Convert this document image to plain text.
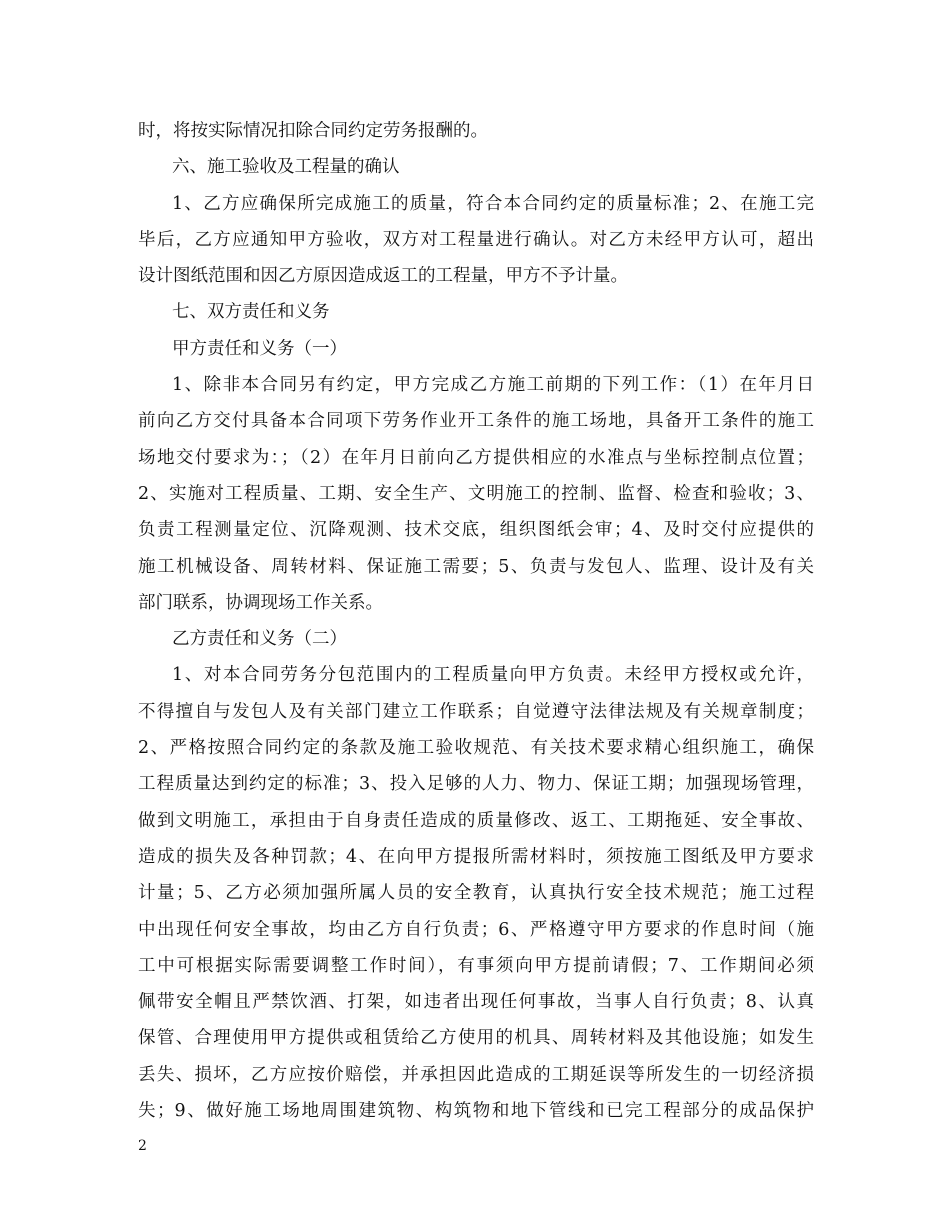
时，将按实际情况扣除合同约定劳务报酬的。
六、施工验收及工程量的确认
1、乙方应确保所完成施工的质量，符合本合同约定的质量标准；2、在施工完
毕后，乙方应通知甲方验收，双方对工程量进行确认。对乙方未经甲方认可，超出
设计图纸范围和因乙方原因造成返工的工程量，甲方不予计量。
七、双方责任和义务
甲方责任和义务（一）
1、除非本合同另有约定，甲方完成乙方施工前期的下列工作：（1）在年月日
前向乙方交付具备本合同项下劳务作业开工条件的施工场地，具备开工条件的施工
场地交付要求为：；（2）在年月日前向乙方提供相应的水准点与坐标控制点位置；
2、实施对工程质量、工期、安全生产、文明施工的控制、监督、检查和验收；3、
负责工程测量定位、沉降观测、技术交底，组织图纸会审；4、及时交付应提供的
施工机械设备、周转材料、保证施工需要；5、负责与发包人、监理、设计及有关
部门联系，协调现场工作关系。
乙方责任和义务（二）
1、对本合同劳务分包范围内的工程质量向甲方负责。未经甲方授权或允许，
不得擅自与发包人及有关部门建立工作联系；自觉遵守法律法规及有关规章制度；
2、严格按照合同约定的条款及施工验收规范、有关技术要求精心组织施工，确保
工程质量达到约定的标准；3、投入足够的人力、物力、保证工期；加强现场管理，
做到文明施工，承担由于自身责任造成的质量修改、返工、工期拖延、安全事故、
造成的损失及各种罚款；4、在向甲方提报所需材料时，须按施工图纸及甲方要求
计量；5、乙方必须加强所属人员的安全教育，认真执行安全技术规范；施工过程
中出现任何安全事故，均由乙方自行负责；6、严格遵守甲方要求的作息时间（施
工中可根据实际需要调整工作时间），有事须向甲方提前请假；7、工作期间必须
佩带安全帽且严禁饮酒、打架，如违者出现任何事故，当事人自行负责；8、认真
保管、合理使用甲方提供或租赁给乙方使用的机具、周转材料及其他设施；如发生
丢失、损坏，乙方应按价赔偿，并承担因此造成的工期延误等所发生的一切经济损
失；9、做好施工场地周围建筑物、构筑物和地下管线和已完工程部分的成品保护
2
